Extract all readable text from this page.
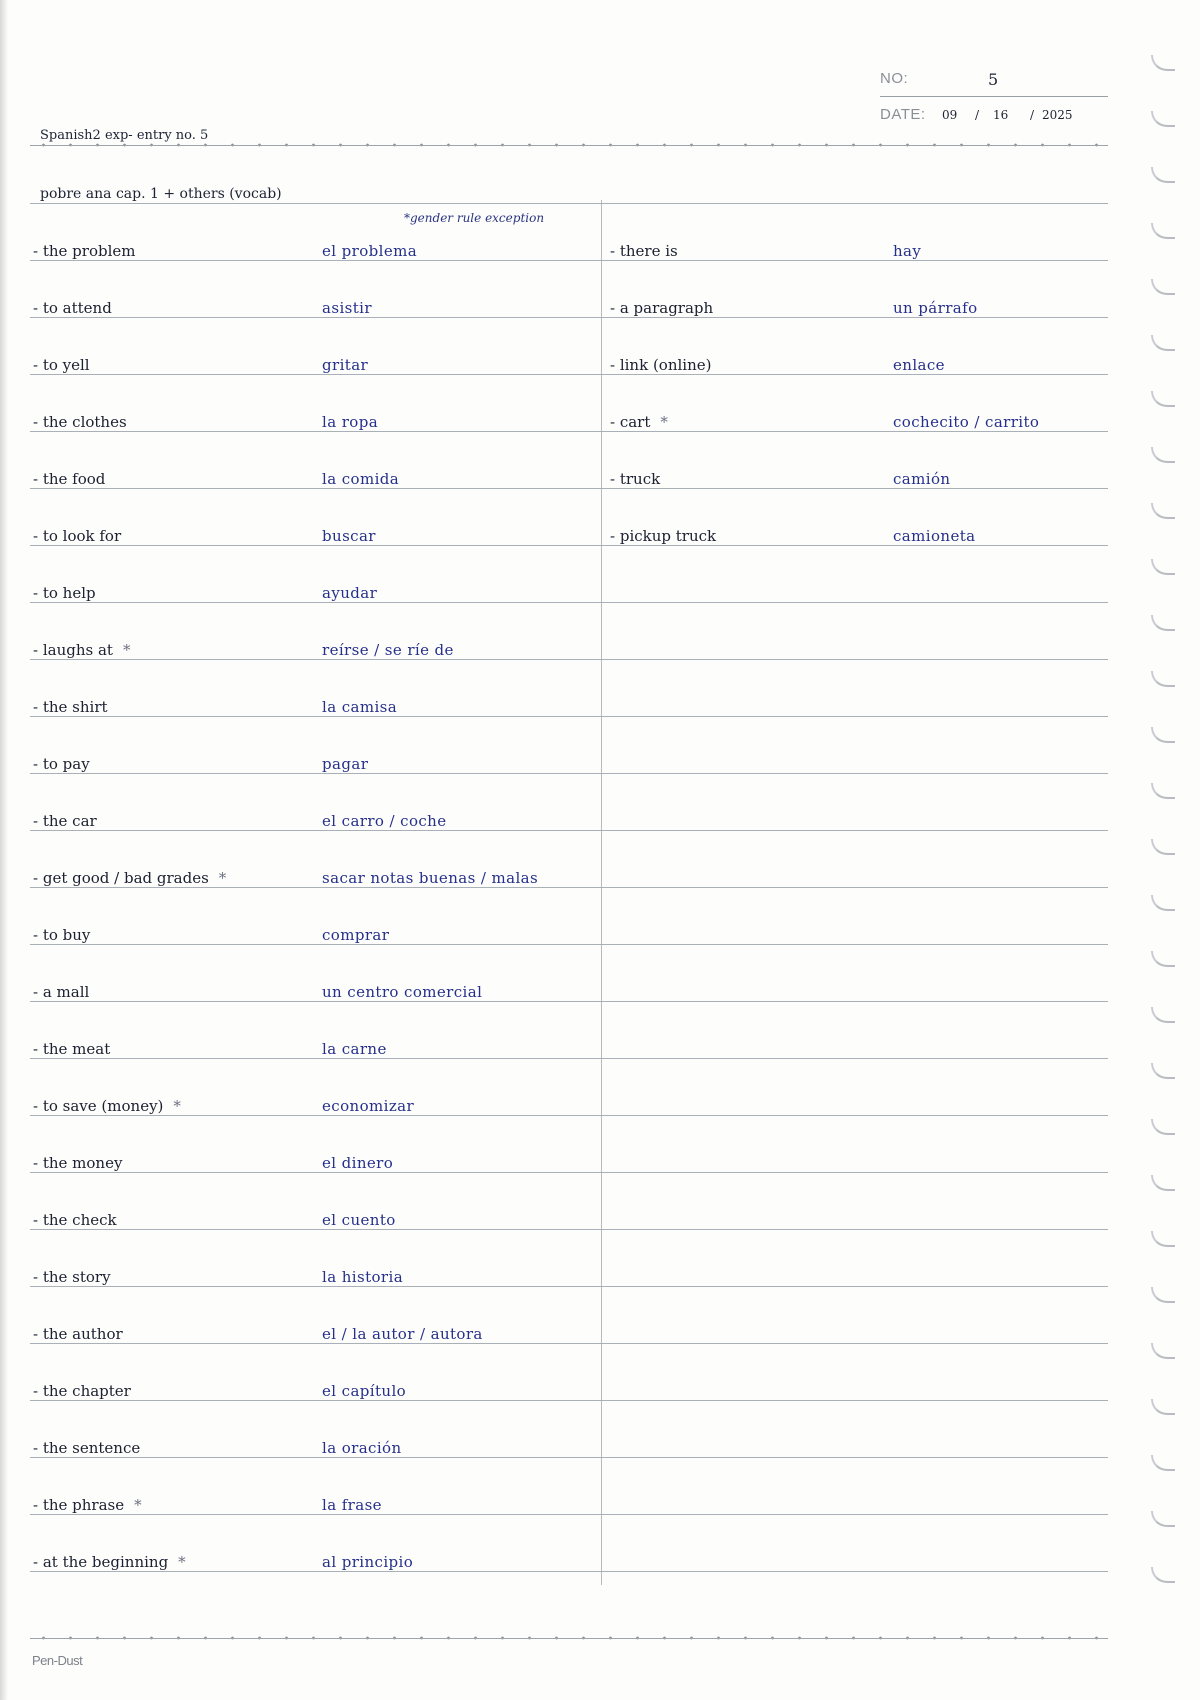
NO:	5
DATE: 09 / 16 / 2025
Spanish2 exp- entry no. 5
pobre ana cap. 1 + others (vocab)
*gender rule exception
- the problem	el problema
- to attend	asistir
- to yell	gritar
- the clothes	la ropa
- the food	la comida
- to look for	buscar
- to help	ayudar
- laughs at *	reírse / se ríe de
- the shirt	la camisa
- to pay	pagar
- the car	el carro / coche
- get good / bad grades *	sacar notas buenas / malas
- to buy	comprar
- a mall	un centro comercial
- the meat	la carne
- to save (money) *	economizar
- the money	el dinero
- the check	el cuento
- the story	la historia
- the author	el / la autor / autora
- the chapter	el capítulo
- the sentence	la oración
- the phrase *	la frase
- at the beginning *	al principio
- there is	hay
- a paragraph	un párrafo
- link (online)	enlace
- cart *	cochecito / carrito
- truck	camión
- pickup truck	camioneta
Pen-Dust
